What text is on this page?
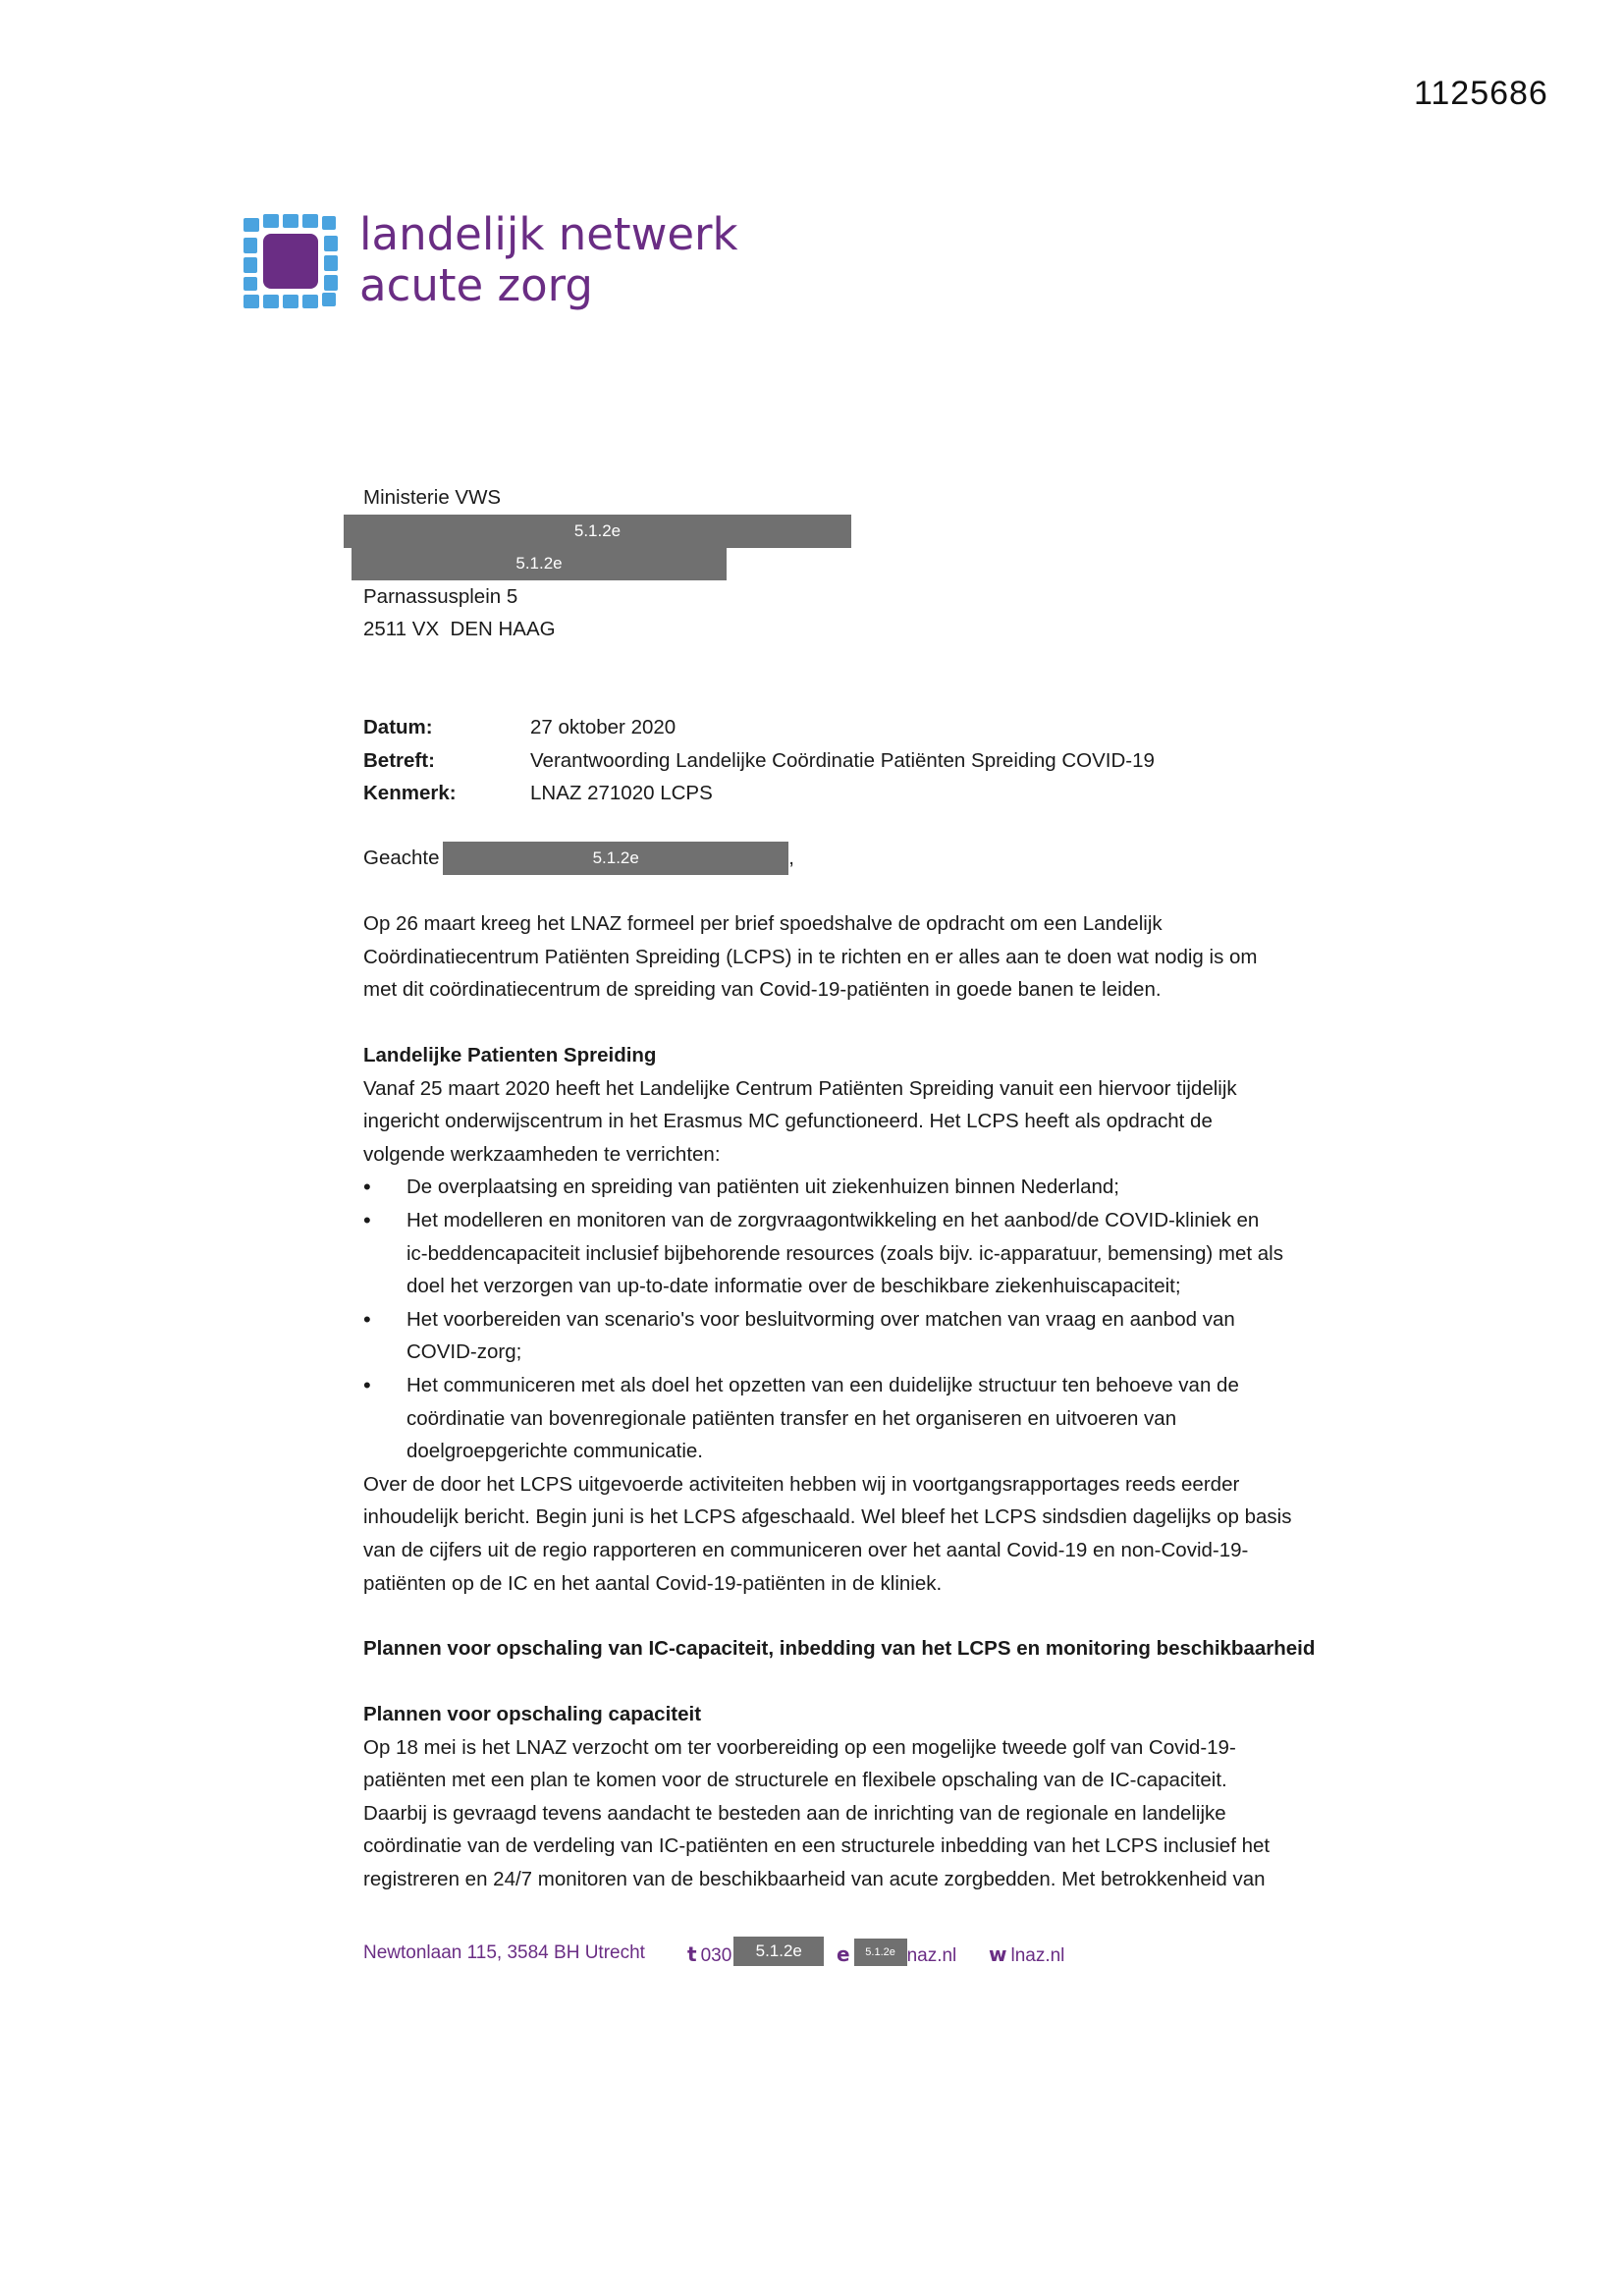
1125686
landelijk netwerk
acute zorg
Ministerie VWS
5.1.2e
5.1.2e
Parnassusplein 5
2511 VX  DEN HAAG
Datum:	27 oktober 2020
Betreft:	Verantwoording Landelijke Coördinatie Patiënten Spreiding COVID-19
Kenmerk:	LNAZ 271020 LCPS
Geachte	5.1.2e	,
Op 26 maart kreeg het LNAZ formeel per brief spoedshalve de opdracht om een Landelijk
Coördinatiecentrum Patiënten Spreiding (LCPS) in te richten en er alles aan te doen wat nodig is om
met dit coördinatiecentrum de spreiding van Covid-19-patiënten in goede banen te leiden.
Landelijke Patienten Spreiding
Vanaf 25 maart 2020 heeft het Landelijke Centrum Patiënten Spreiding vanuit een hiervoor tijdelijk
ingericht onderwijscentrum in het Erasmus MC gefunctioneerd. Het LCPS heeft als opdracht de
volgende werkzaamheden te verrichten:
• De overplaatsing en spreiding van patiënten uit ziekenhuizen binnen Nederland;
• Het modelleren en monitoren van de zorgvraagontwikkeling en het aanbod/de COVID-kliniek en
ic-beddencapaciteit inclusief bijbehorende resources (zoals bijv. ic-apparatuur, bemensing) met als
doel het verzorgen van up-to-date informatie over de beschikbare ziekenhuiscapaciteit;
• Het voorbereiden van scenario's voor besluitvorming over matchen van vraag en aanbod van
COVID-zorg;
• Het communiceren met als doel het opzetten van een duidelijke structuur ten behoeve van de
coördinatie van bovenregionale patiënten transfer en het organiseren en uitvoeren van
doelgroepgerichte communicatie.
Over de door het LCPS uitgevoerde activiteiten hebben wij in voortgangsrapportages reeds eerder
inhoudelijk bericht. Begin juni is het LCPS afgeschaald. Wel bleef het LCPS sindsdien dagelijks op basis
van de cijfers uit de regio rapporteren en communiceren over het aantal Covid-19 en non-Covid-19-
patiënten op de IC en het aantal Covid-19-patiënten in de kliniek.
Plannen voor opschaling van IC-capaciteit, inbedding van het LCPS en monitoring beschikbaarheid
Plannen voor opschaling capaciteit
Op 18 mei is het LNAZ verzocht om ter voorbereiding op een mogelijke tweede golf van Covid-19-
patiënten met een plan te komen voor de structurele en flexibele opschaling van de IC-capaciteit.
Daarbij is gevraagd tevens aandacht te besteden aan de inrichting van de regionale en landelijke
coördinatie van de verdeling van IC-patiënten en een structurele inbedding van het LCPS inclusief het
registreren en 24/7 monitoren van de beschikbaarheid van acute zorgbedden. Met betrokkenheid van
Newtonlaan 115, 3584 BH Utrecht t 030 5.1.2e	e 5.1.2e naz.nl w lnaz.nl
